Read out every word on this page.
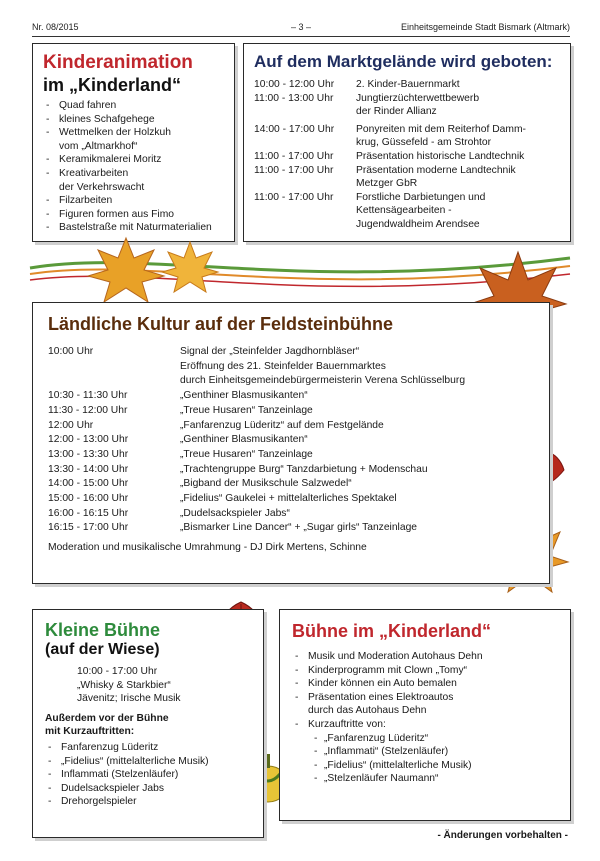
Nr. 08/2015	– 3 –	Einheitsgemeinde Stadt Bismark (Altmark)
Kinderanimation
im „Kinderland“
- Quad fahren
- kleines Schafgehege
- Wettmelken der Holzkuh
vom „Altmarkhof“
- Keramikmalerei Moritz
- Kreativarbeiten
der Verkehrswacht
- Filzarbeiten
- Figuren formen aus Fimo
- Bastelstraße mit Naturmaterialien
Auf dem Marktgelände wird geboten:
10:00 - 12:00 Uhr	2. Kinder-Bauernmarkt
11:00 - 13:00 Uhr	Jungtierzüchterwettbewerb
der Rinder Allianz
14:00 - 17:00 Uhr	Ponyreiten mit dem Reiterhof Damm-
krug, Güssefeld - am Strohtor
11:00 - 17:00 Uhr	Präsentation historische Landtechnik
11:00 - 17:00 Uhr	Präsentation moderne Landtechnik
Metzger GbR
11:00 - 17:00 Uhr	Forstliche Darbietungen und
Kettensägearbeiten -
Jugendwaldheim Arendsee
Ländliche Kultur auf der Feldsteinbühne
10:00 Uhr	Signal der „Steinfelder Jagdhornbläser“
Eröffnung des 21. Steinfelder Bauernmarktes
durch Einheitsgemeindebürgermeisterin Verena Schlüsselburg
10:30 - 11:30 Uhr	„Genthiner Blasmusikanten“
11:30 - 12:00 Uhr	„Treue Husaren“ Tanzeinlage
12:00 Uhr	„Fanfarenzug Lüderitz“ auf dem Festgelände
12:00 - 13:00 Uhr	„Genthiner Blasmusikanten“
13:00 - 13:30 Uhr	„Treue Husaren“ Tanzeinlage
13:30 - 14:00 Uhr	„Trachtengruppe Burg“ Tanzdarbietung + Modenschau
14:00 - 15:00 Uhr	„Bigband der Musikschule Salzwedel“
15:00 - 16:00 Uhr	„Fidelius“ Gaukelei + mittelalterliches Spektakel
16:00 - 16:15 Uhr	„Dudelsackspieler Jabs“
16:15 - 17:00 Uhr	„Bismarker Line Dancer“ + „Sugar girls“ Tanzeinlage
Moderation und musikalische Umrahmung - DJ Dirk Mertens, Schinne
Kleine Bühne
(auf der Wiese)
10:00 - 17:00 Uhr
„Whisky & Starkbier“
Jävenitz; Irische Musik
Außerdem vor der Bühne
mit Kurzauftritten:
- Fanfarenzug Lüderitz
- „Fidelius“ (mittelalterliche Musik)
- Inflammati (Stelzenläufer)
- Dudelsackspieler Jabs
- Drehorgelspieler
Bühne im „Kinderland“
- Musik und Moderation Autohaus Dehn
- Kinderprogramm mit Clown „Tomy“
- Kinder können ein Auto bemalen
- Präsentation eines Elektroautos
durch das Autohaus Dehn
- Kurzauftritte von:
- „Fanfarenzug Lüderitz“
- „Inflammati“ (Stelzenläufer)
- „Fidelius“ (mittelalterliche Musik)
- „Stelzenläufer Naumann“
- Änderungen vorbehalten -
